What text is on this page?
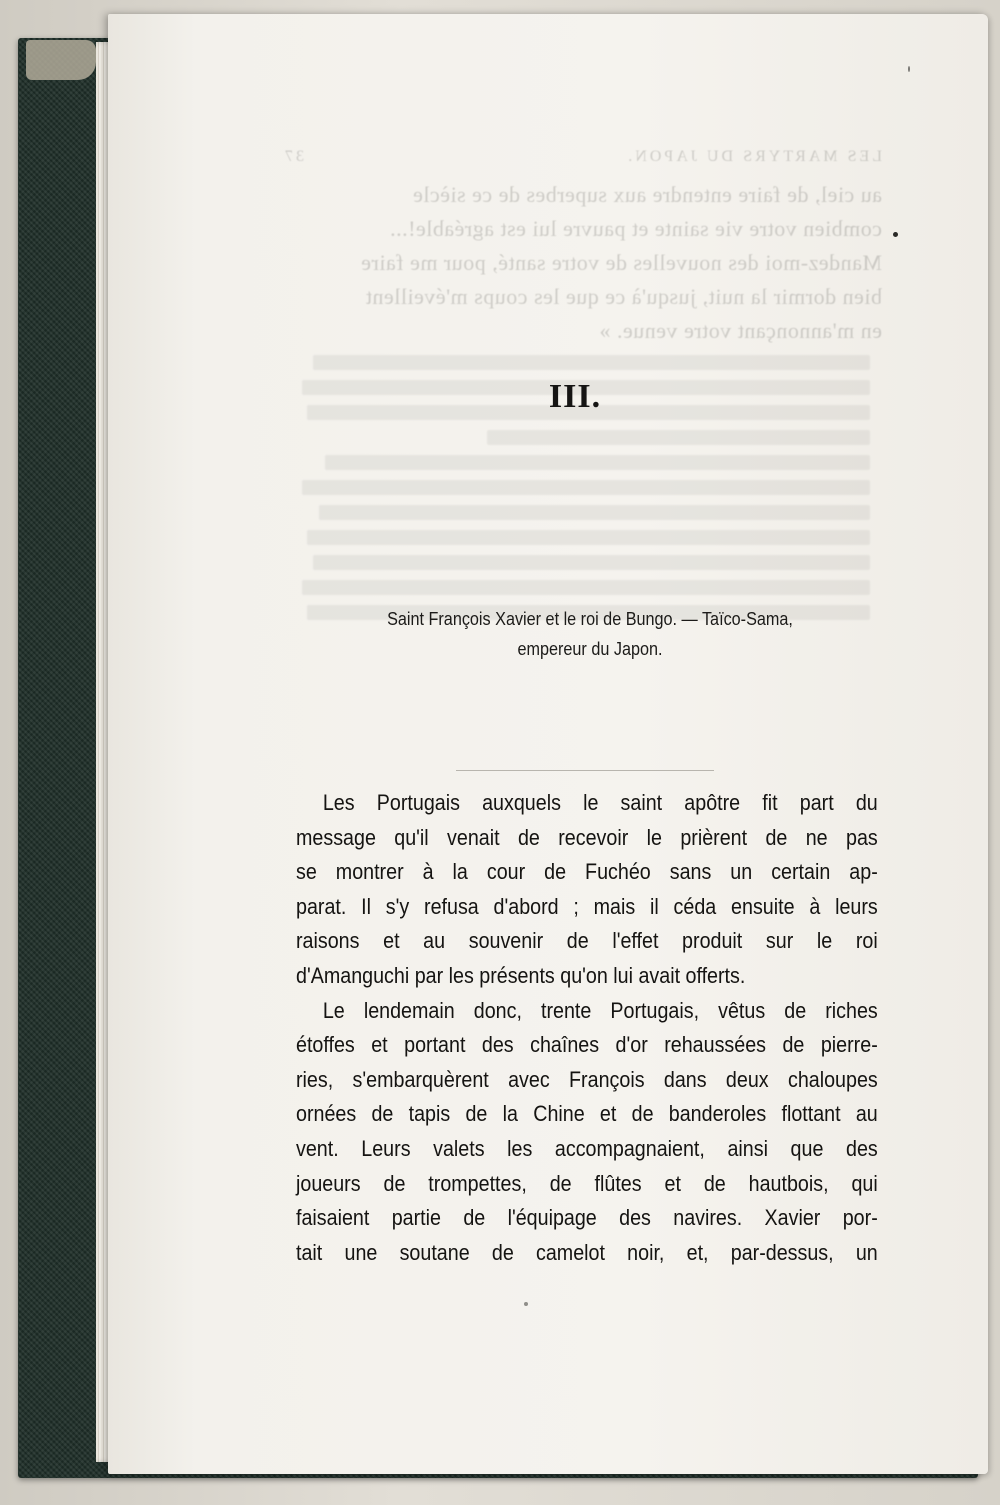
LES MARTYRS DU JAPON.
37
au ciel, de faire entendre aux superbes de ce siècle
combien votre vie sainte et pauvre lui est agréable!...
Mandez-moi des nouvelles de votre santé, pour me faire
bien dormir la nuit, jusqu'à ce que les coups m'éveillent
en m'annonçant votre venue. »
III.
Saint François Xavier et le roi de Bungo. — Taïco-Sama,
empereur du Japon.
Les Portugais auxquels le saint apôtre fit part du
message qu'il venait de recevoir le prièrent de ne pas
se montrer à la cour de Fuchéo sans un certain ap-
parat. Il s'y refusa d'abord ; mais il céda ensuite à leurs
raisons et au souvenir de l'effet produit sur le roi
d'Amanguchi par les présents qu'on lui avait offerts.
Le lendemain donc, trente Portugais, vêtus de riches
étoffes et portant des chaînes d'or rehaussées de pierre-
ries, s'embarquèrent avec François dans deux chaloupes
ornées de tapis de la Chine et de banderoles flottant au
vent. Leurs valets les accompagnaient, ainsi que des
joueurs de trompettes, de flûtes et de hautbois, qui
faisaient partie de l'équipage des navires. Xavier por-
tait une soutane de camelot noir, et, par-dessus, un
